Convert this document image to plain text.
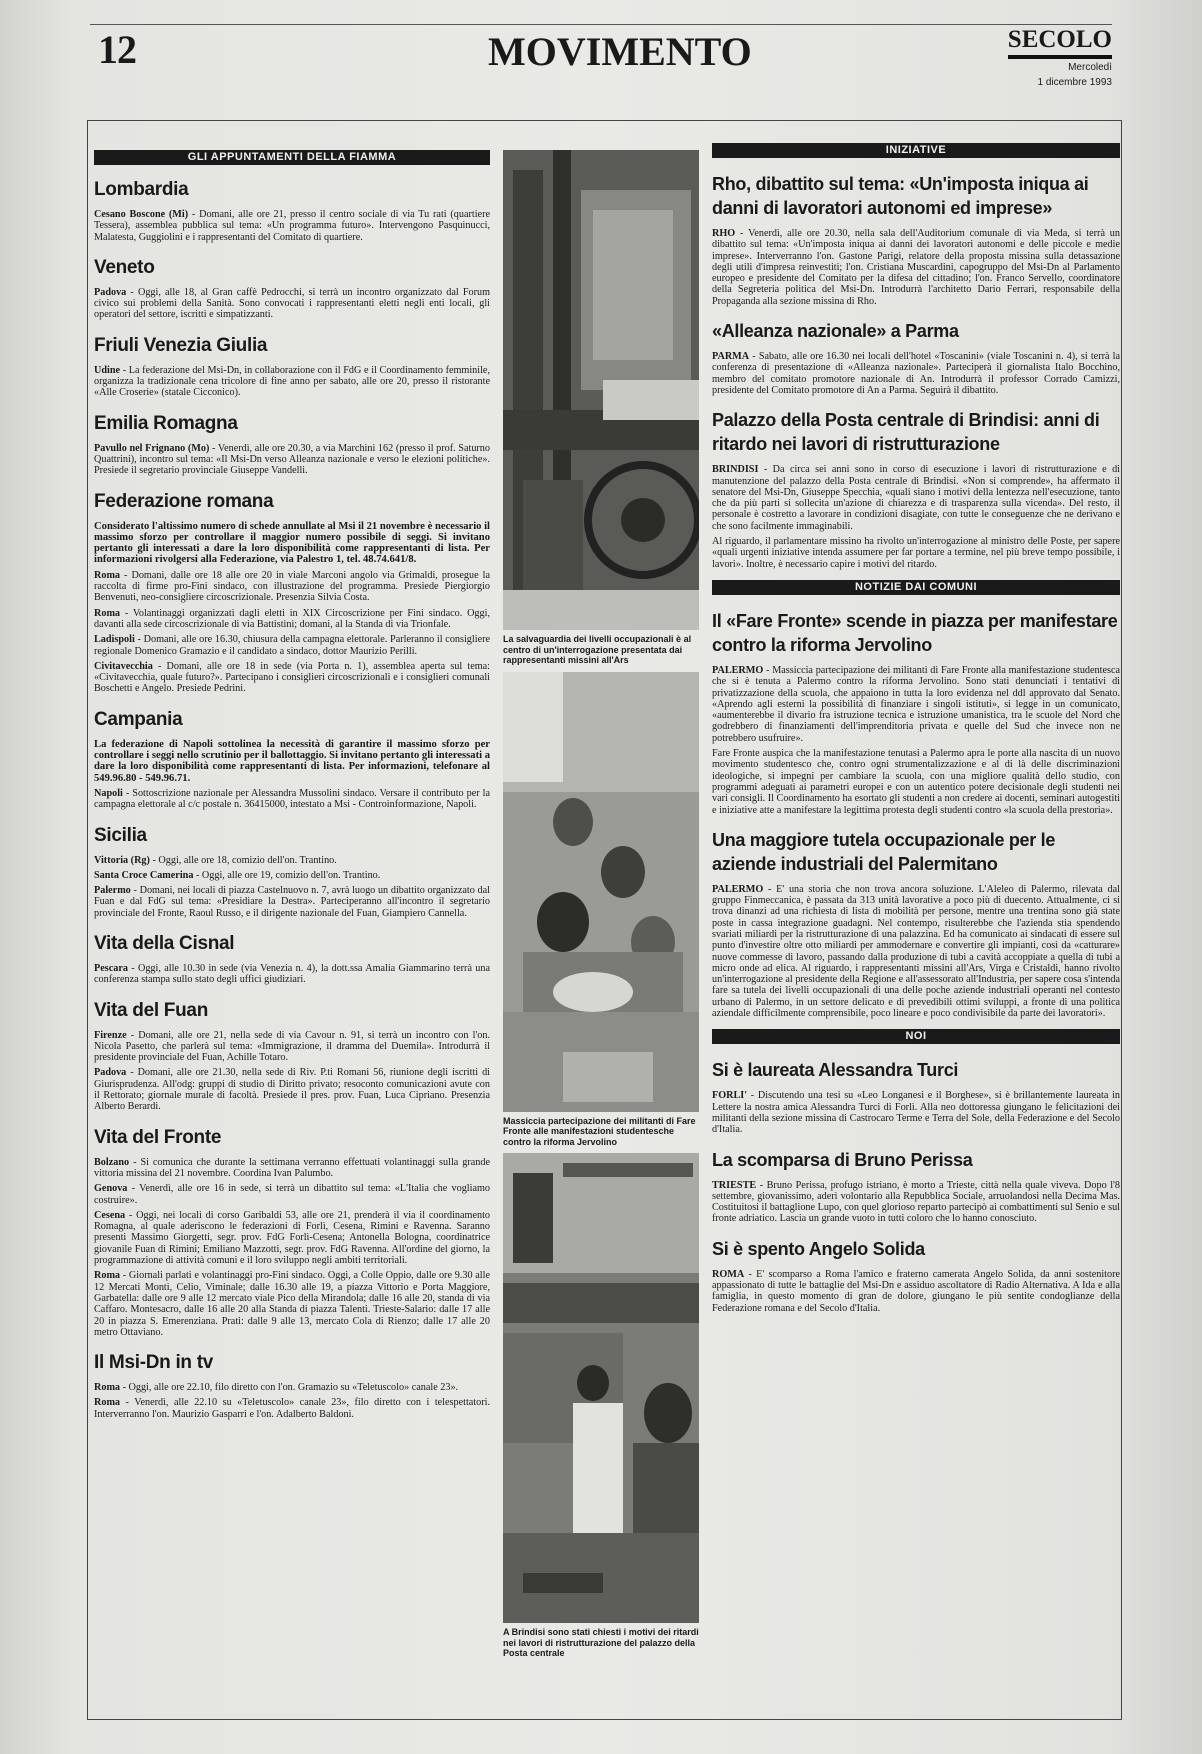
12	MOVIMENTO	SECOLO
Mercoledì
1 dicembre 1993
GLI APPUNTAMENTI DELLA FIAMMA
Lombardia

Cesano Boscone (Mi) - Domani, alle ore 21, presso il centro sociale di via Tu rati (quartiere Tessera), assemblea pubblica sul tema: «Un programma futuro». Intervengono Pasquinucci, Malatesta, Guggiolini e i rappresentanti del Comitato di quartiere.

Veneto

Padova - Oggi, alle 18, al Gran caffè Pedrocchi, si terrà un incontro organizzato dal Forum civico sui problemi della Sanità. Sono convocati i rappresentanti eletti negli enti locali, gli operatori del settore, iscritti e simpatizzanti.

Friuli Venezia Giulia

Udine - La federazione del Msi-Dn, in collaborazione con il FdG e il Coordinamento femminile, organizza la tradizionale cena tricolore di fine anno per sabato, alle ore 20, presso il ristorante «Alle Croserie» (statale Cicconico).

Emilia Romagna

Pavullo nel Frignano (Mo) - Venerdì, alle ore 20.30, a via Marchini 162 (presso il prof. Saturno Quattrini), incontro sul tema: «Il Msi-Dn verso Alleanza nazionale e verso le elezioni politiche». Presiede il segretario provinciale Giuseppe Vandelli.

Federazione romana

Considerato l'altissimo numero di schede annullate al Msi il 21 novembre è necessario il massimo sforzo per controllare il maggior numero possibile di seggi. Si invitano pertanto gli interessati a dare la loro disponibilità come rappresentanti di lista. Per informazioni rivolgersi alla Federazione, via Palestro 1, tel. 48.74.641/8.

Roma - Domani, dalle ore 18 alle ore 20 in viale Marconi angolo via Grimaldi, prosegue la raccolta di firme pro-Fini sindaco, con illustrazione del programma. Presiede Piergiorgio Benvenuti, neo-consigliere circoscrizionale. Presenzia Silvia Costa.

Roma - Volantinaggi organizzati dagli eletti in XIX Circoscrizione per Fini sindaco. Oggi, davanti alla sede circoscrizionale di via Battistini; domani, al la Standa di via Trionfale.

Ladispoli - Domani, alle ore 16.30, chiusura della campagna elettorale. Parleranno il consigliere regionale Domenico Gramazio e il candidato a sindaco, dottor Maurizio Perilli.

Civitavecchia - Domani, alle ore 18 in sede (via Porta n. 1), assemblea aperta sul tema: «Civitavecchia, quale futuro?». Partecipano i consiglieri circoscrizionali e i consiglieri comunali Boschetti e Angelo. Presiede Pedrini.

Campania

La federazione di Napoli sottolinea la necessità di garantire il massimo sforzo per controllare i seggi nello scrutinio per il ballottaggio. Si invitano pertanto gli interessati a dare la loro disponibilità come rappresentanti di lista. Per informazioni, telefonare al 549.96.80 - 549.96.71.

Napoli - Sottoscrizione nazionale per Alessandra Mussolini sindaco. Versare il contributo per la campagna elettorale al c/c postale n. 36415000, intestato a Msi - Controinformazione, Napoli.

Sicilia

Vittoria (Rg) - Oggi, alle ore 18, comizio dell'on. Trantino.

Santa Croce Camerina - Oggi, alle ore 19, comizio dell'on. Trantino.

Palermo - Domani, nei locali di piazza Castelnuovo n. 7, avrà luogo un dibattito organizzato dal Fuan e dal FdG sul tema: «Presidiare la Destra». Parteciperanno all'incontro il segretario provinciale del Fronte, Raoul Russo, e il dirigente nazionale del Fuan, Giampiero Cannella.

Vita della Cisnal

Pescara - Oggi, alle 10.30 in sede (via Venezia n. 4), la dott.ssa Amalia Giammarino terrà una conferenza stampa sullo stato degli uffici giudiziari.

Vita del Fuan

Firenze - Domani, alle ore 21, nella sede di via Cavour n. 91, si terrà un incontro con l'on. Nicola Pasetto, che parlerà sul tema: «Immigrazione, il dramma del Duemila». Introdurrà il presidente provinciale del Fuan, Achille Totaro.

Padova - Domani, alle ore 21.30, nella sede di Riv. P.ti Romani 56, riunione degli iscritti di Giurisprudenza. All'odg: gruppi di studio di Diritto privato; resoconto comunicazioni avute con il Rettorato; giornale murale di facoltà. Presiede il pres. prov. Fuan, Luca Cipriano. Presenzia Alberto Berardi.

Vita del Fronte

Bolzano - Si comunica che durante la settimana verranno effettuati volantinaggi sulla grande vittoria missina del 21 novembre. Coordina Ivan Palumbo.

Genova - Venerdì, alle ore 16 in sede, si terrà un dibattito sul tema: «L'Italia che vogliamo costruire».

Cesena - Oggi, nei locali di corso Garibaldi 53, alle ore 21, prenderà il via il coordinamento Romagna, al quale aderiscono le federazioni di Forlì, Cesena, Rimini e Ravenna. Saranno presenti Massimo Giorgetti, segr. prov. FdG Forlì-Cesena; Antonella Bologna, coordinatrice giovanile Fuan di Rimini; Emiliano Mazzotti, segr. prov. FdG Ravenna. All'ordine del giorno, la programmazione di attività comuni e il loro sviluppo negli ambiti territoriali.

Roma - Giornali parlati e volantinaggi pro-Fini sindaco. Oggi, a Colle Oppio, dalle ore 9.30 alle 12 Mercati Monti, Celio, Viminale; dalle 16.30 alle 19, a piazza Vittorio e Porta Maggiore, Garbatella: dalle ore 9 alle 12 mercato viale Pico della Mirandola; dalle 16 alle 20, standa di via Caffaro. Montesacro, dalle 16 alle 20 alla Standa di piazza Talenti. Trieste-Salario: dalle 17 alle 20 in piazza S. Emerenziana. Prati: dalle 9 alle 13, mercato Cola di Rienzo; dalle 17 alle 20 metro Ottaviano.

Il Msi-Dn in tv

Roma - Oggi, alle ore 22.10, filo diretto con l'on. Gramazio su «Teletuscolo» canale 23».

Roma - Venerdì, alle 22.10 su «Teletuscolo» canale 23», filo diretto con i telespettatori. Interverranno l'on. Maurizio Gasparri e l'on. Adalberto Baldoni.

La salvaguardia dei livelli occupazionali è al centro di un'interrogazione presentata dai rappresentanti missini all'Ars
Massiccia partecipazione dei militanti di Fare Fronte alle manifestazioni studentesche contro la riforma Jervolino
A Brindisi sono stati chiesti i motivi dei ritardi nei lavori di ristrutturazione del palazzo della Posta centrale
INIZIATIVE
Rho, dibattito sul tema: «Un'imposta iniqua ai danni di lavoratori autonomi ed imprese»

RHO - Venerdì, alle ore 20.30, nella sala dell'Auditorium comunale di via Meda, si terrà un dibattito sul tema: «Un'imposta iniqua ai danni dei lavoratori autonomi e delle piccole e medie imprese». Interverranno l'on. Gastone Parigi, relatore della proposta missina sulla detassazione degli utili d'impresa reinvestiti; l'on. Cristiana Muscardini, capogruppo del Msi-Dn al Parlamento europeo e presidente del Comitato per la difesa del cittadino; l'on. Franco Servello, coordinatore della Segreteria politica del Msi-Dn. Introdurrà l'architetto Dario Ferrari, responsabile della Propaganda alla sezione missina di Rho.

«Alleanza nazionale» a Parma

PARMA - Sabato, alle ore 16.30 nei locali dell'hotel «Toscanini» (viale Toscanini n. 4), si terrà la conferenza di presentazione di «Alleanza nazionale». Parteciperà il giornalista Italo Bocchino, membro del comitato promotore nazionale di An. Introdurrà il professor Corrado Camizzi, presidente del Comitato promotore di An a Parma. Seguirà il dibattito.

Palazzo della Posta centrale di Brindisi: anni di ritardo nei lavori di ristrutturazione

BRINDISI - Da circa sei anni sono in corso di esecuzione i lavori di ristrutturazione e di manutenzione del palazzo della Posta centrale di Brindisi. «Non si comprende», ha affermato il senatore del Msi-Dn, Giuseppe Specchia, «quali siano i motivi della lentezza nell'esecuzione, tanto che da più parti si sollecita un'azione di chiarezza e di trasparenza sulla vicenda». Del resto, il personale è costretto a lavorare in condizioni disagiate, con tutte le conseguenze che ne derivano e che sono facilmente immaginabili.

Al riguardo, il parlamentare missino ha rivolto un'interrogazione al ministro delle Poste, per sapere «quali urgenti iniziative intenda assumere per far portare a termine, nel più breve tempo possibile, i lavori». Inoltre, è necessario capire i motivi del ritardo.

NOTIZIE DAI COMUNI
Il «Fare Fronte» scende in piazza per manifestare contro la riforma Jervolino

PALERMO - Massiccia partecipazione dei militanti di Fare Fronte alla manifestazione studentesca che si è tenuta a Palermo contro la riforma Jervolino. Sono stati denunciati i tentativi di privatizzazione della scuola, che appaiono in tutta la loro evidenza nel ddl approvato dal Senato. «Aprendo agli esterni la possibilità di finanziare i singoli istituti», si legge in un comunicato, «aumenterebbe il divario fra istruzione tecnica e istruzione umanistica, tra le scuole del Nord che godrebbero di finanziamenti dell'imprenditoria privata e quelle del Sud che invece non ne potrebbero usufruire».

Fare Fronte auspica che la manifestazione tenutasi a Palermo apra le porte alla nascita di un nuovo movimento studentesco che, contro ogni strumentalizzazione e al di là delle discriminazioni ideologiche, si impegni per cambiare la scuola, con una migliore qualità dello studio, con programmi adeguati ai parametri europei e con un autentico potere decisionale degli studenti nei vari consigli. Il Coordinamento ha esortato gli studenti a non credere ai docenti, seminari autogestiti e iniziative atte a manifestare la legittima protesta degli studenti contro «la scuola della prestoria».

Una maggiore tutela occupazionale per le aziende industriali del Palermitano

PALERMO - E' una storia che non trova ancora soluzione. L'Aleleo di Palermo, rilevata dal gruppo Finmeccanica, è passata da 313 unità lavorative a poco più di duecento. Attualmente, ci si trova dinanzi ad una richiesta di lista di mobilità per persone, mentre una trentina sono già state poste in cassa integrazione guadagni. Nel contempo, risulterebbe che l'azienda stia spendendo svariati miliardi per la ristrutturazione di una palazzina. Ed ha comunicato ai sindacati di essere sul punto d'investire oltre otto miliardi per ammodernare e convertire gli impianti, così da «catturare» nuove commesse di lavoro, passando dalla produzione di tubi a cavità accoppiate a quella di tubi a micro onde ad elica. Al riguardo, i rappresentanti missini all'Ars, Virga e Cristaldi, hanno rivolto un'interrogazione al presidente della Regione e all'assessorato all'Industria, per sapere cosa s'intenda fare sa tutela dei livelli occupazionali di una delle poche aziende industriali operanti nel contesto urbano di Palermo, in un settore delicato e di prevedibili ottimi sviluppi, a fronte di una politica aziendale difficilmente comprensibile, poco lineare e poco condivisibile da parte dei lavoratori».

NOI
Si è laureata Alessandra Turci

FORLI' - Discutendo una tesi su «Leo Longanesi e il Borghese», si è brillantemente laureata in Lettere la nostra amica Alessandra Turci di Forlì. Alla neo dottoressa giungano le felicitazioni dei militanti della sezione missina di Castrocaro Terme e Terra del Sole, della Federazione e del Secolo d'Italia.

La scomparsa di Bruno Perissa

TRIESTE - Bruno Perissa, profugo istriano, è morto a Trieste, città nella quale viveva. Dopo l'8 settembre, giovanissimo, aderì volontario alla Repubblica Sociale, arruolandosi nella Decima Mas. Costituitosi il battaglione Lupo, con quel glorioso reparto partecipò ai combattimenti sul Senio e sul fronte adriatico. Lascia un grande vuoto in tutti coloro che lo hanno conosciuto.

Si è spento Angelo Solida

ROMA - E' scomparso a Roma l'amico e fraterno camerata Angelo Solida, da anni sostenitore appassionato di tutte le battaglie del Msi-Dn e assiduo ascoltatore di Radio Alternativa. A Ida e alla famiglia, in questo momento di gran de dolore, giungano le più sentite condoglianze della Federazione romana e del Secolo d'Italia.
